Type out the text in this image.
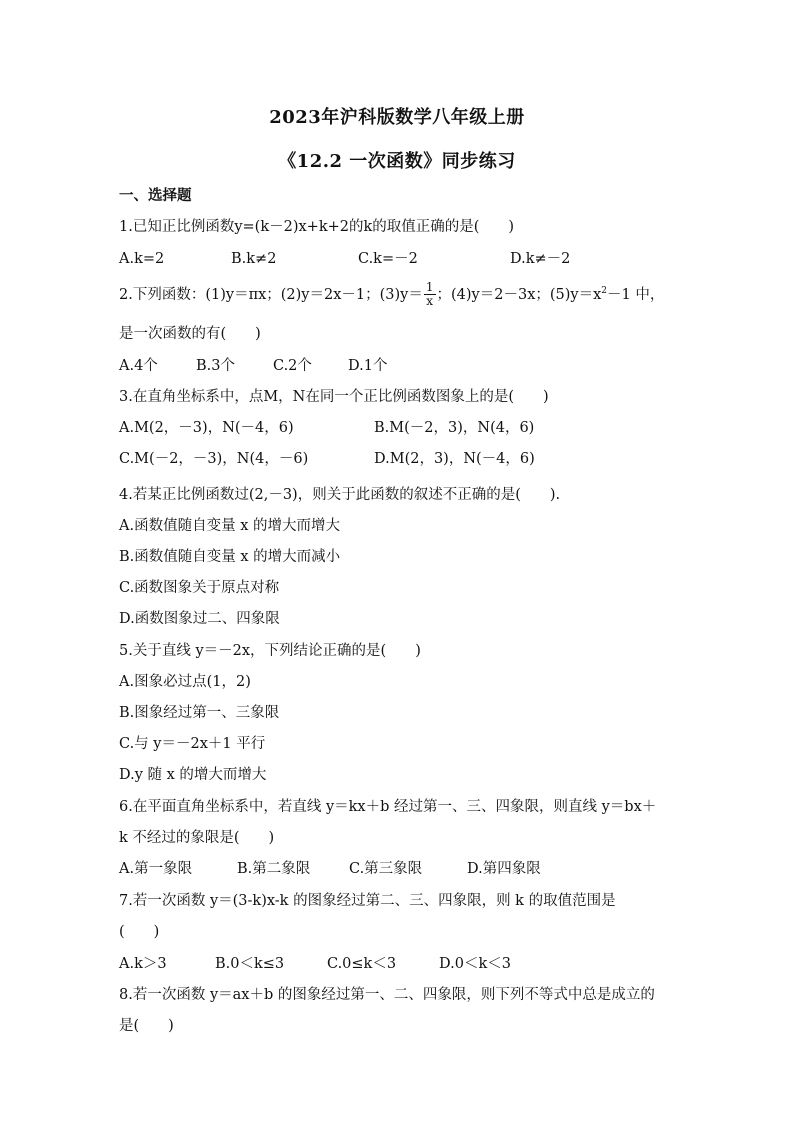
2023年沪科版数学八年级上册
《12.2 一次函数》同步练习
一、选择题
1.已知正比例函数y=(k－2)x+k+2的k的取值正确的是(　　)
A.k=2	B.k≠2	C.k=－2	D.k≠－2
2.下列函数：(1)y＝πx；(2)y＝2x－1；$(3)y= \frac{1}{x}$ ；(4)y＝2－3x；$(5)y=x^2-1$ 中，
是一次函数的有(　　)
A.4个	B.3个	C.2个 D.1个
3.在直角坐标系中，点M，N在同一个正比例函数图象上的是(　　)
A.M(2，－3)，N(－4，6)	B.M(－2，3)，N(4，6)
C.M(－2，－3)，N(4，－6)	D.M(2，3)，N(－4，6)
4.若某正比例函数过(2,－3)，则关于此函数的叙述不正确的是(　　).
A.函数值随自变量 x 的增大而增大
B.函数值随自变量 x 的增大而减小
C.函数图象关于原点对称
D.函数图象过二、四象限
5.关于直线 y＝－2x，下列结论正确的是(　　)
A.图象必过点(1，2)
B.图象经过第一、三象限
C.与 y＝－2x＋1 平行
D.y 随 x 的增大而增大
6.在平面直角坐标系中，若直线 y＝kx＋b 经过第一、三、四象限，则直线 y＝bx＋
k 不经过的象限是(　　)
A.第一象限	B.第二象限	C.第三象限	D.第四象限
7.若一次函数 y＝(3-k)x-k 的图象经过第二、三、四象限，则 k 的取值范围是
(　　)
A.k＞3	B.0＜k≤3	C.0≤k＜3	D.0＜k＜3
8.若一次函数 y＝ax＋b 的图象经过第一、二、四象限，则下列不等式中总是成立的
是(　　)
